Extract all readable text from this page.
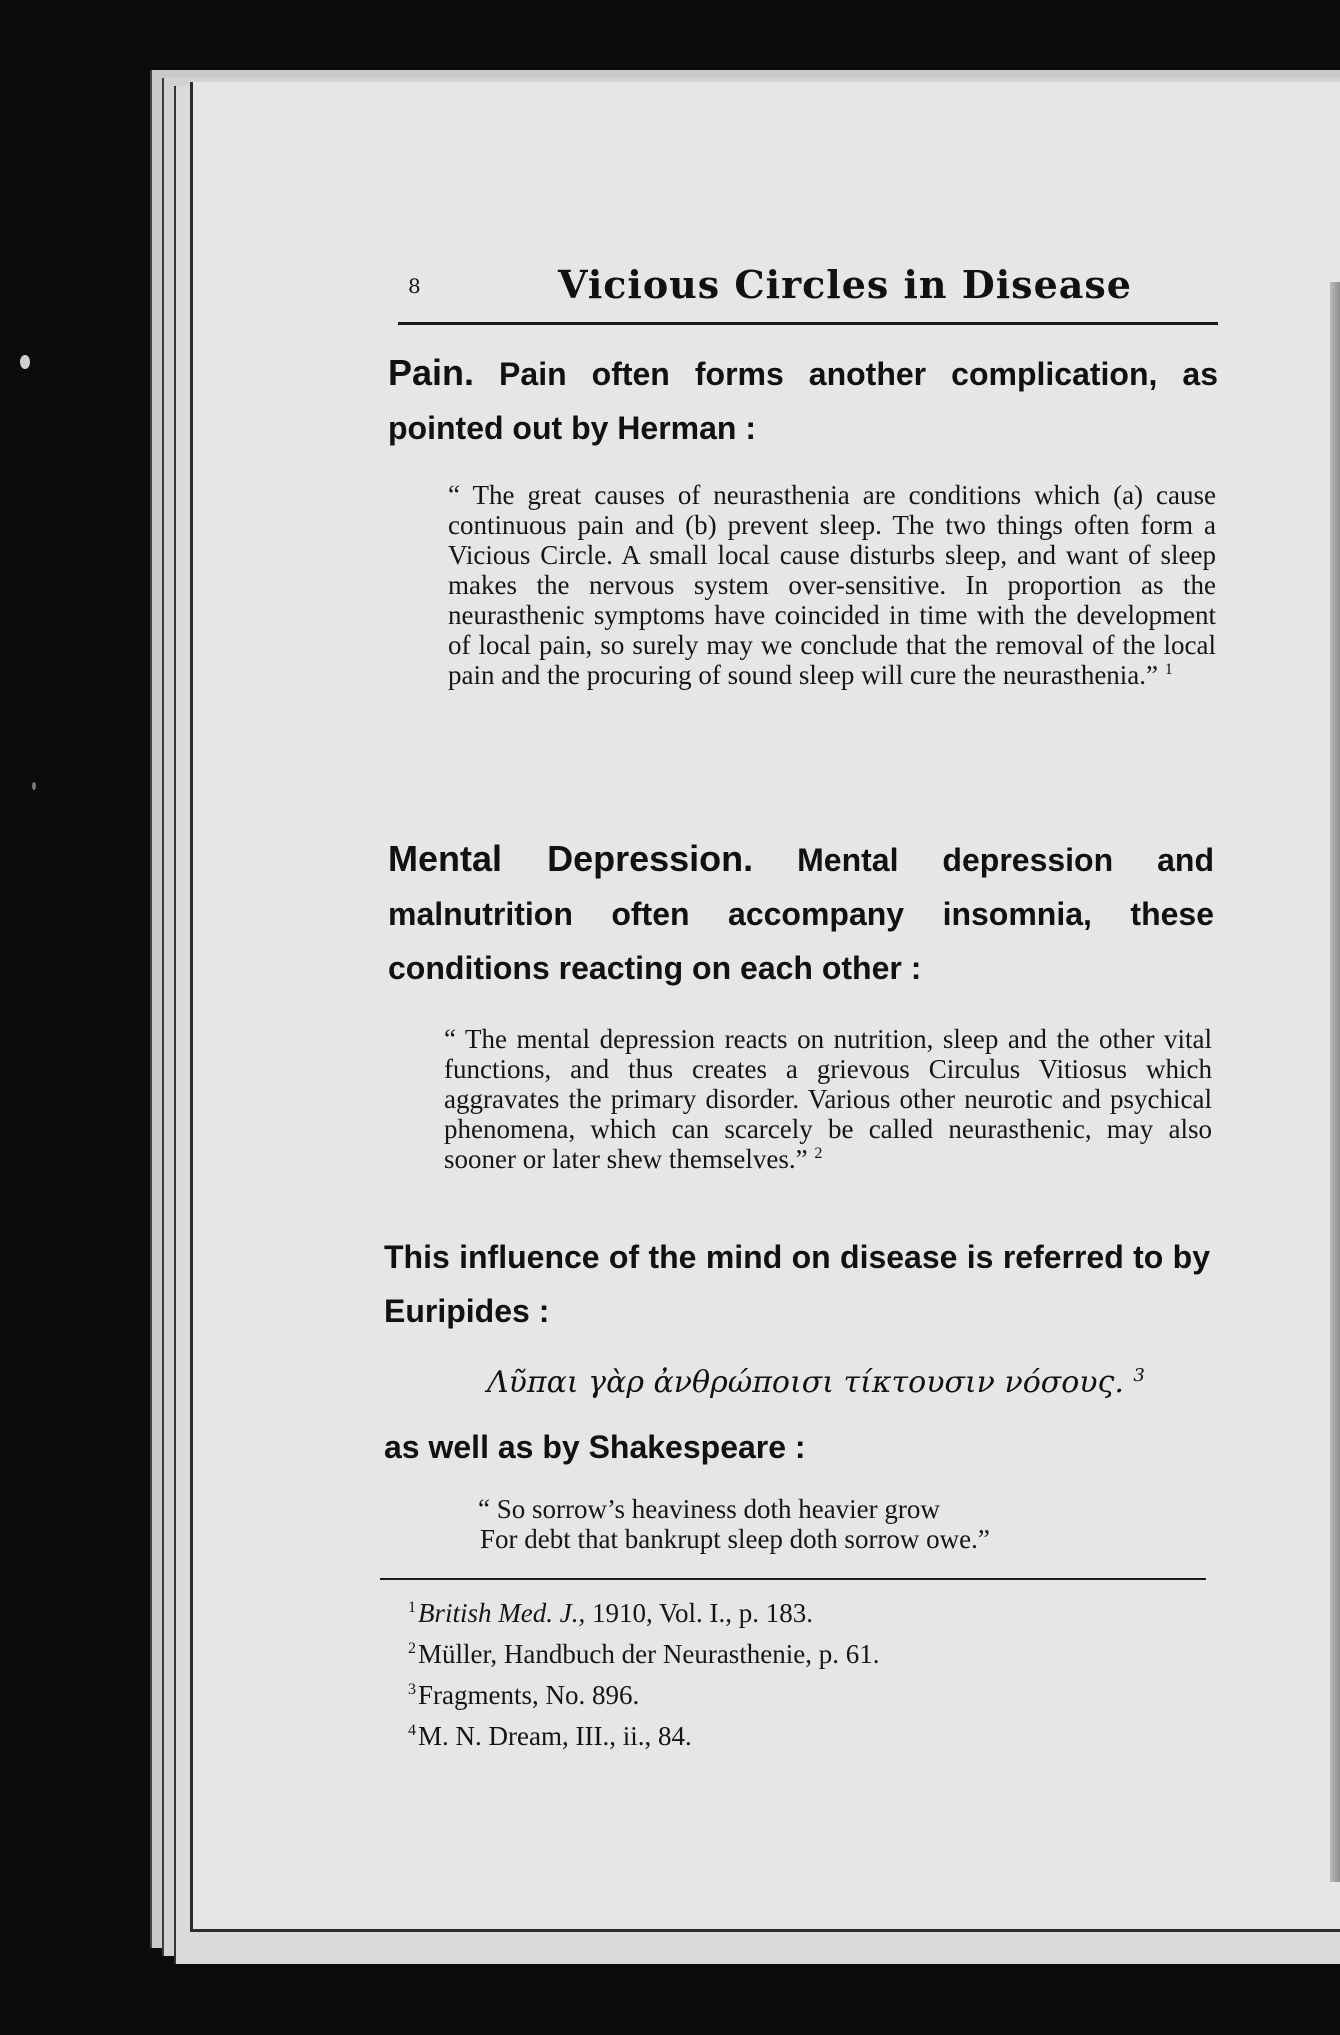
8	Vicious Circles in Disease
Pain. Pain often forms another complication, as pointed out by Herman :
“ The great causes of neurasthenia are conditions which (a) cause continuous pain and (b) prevent sleep. The two things often form a Vicious Circle. A small local cause disturbs sleep, and want of sleep makes the nervous system over-sensitive. In proportion as the neurasthenic symptoms have coincided in time with the development of local pain, so surely may we conclude that the removal of the local pain and the procuring of sound sleep will cure the neurasthenia.” $^1$
Mental Depression. Mental depression and malnutrition often accompany insomnia, these conditions reacting on each other :
“ The mental depression reacts on nutrition, sleep and the other vital functions, and thus creates a grievous Circulus Vitiosus which aggravates the primary disorder. Various other neurotic and psychical phenomena, which can scarcely be called neurasthenic, may also sooner or later shew themselves.” $^2$
This influence of the mind on disease is referred to by Euripides :
Λῦπαι γὰρ ἀνθρώποισι τίκτουσιν νόσους. $^3$
as well as by Shakespeare :
“ So sorrow’s heaviness doth heavier grow
For debt that bankrupt sleep doth sorrow owe.”
$^1$British Med. J., 1910, Vol. I., p. 183.
$^2$Müller, Handbuch der Neurasthenie, p. 61.
$^3$Fragments, No. 896.
$^4$M. N. Dream, III., ii., 84.
